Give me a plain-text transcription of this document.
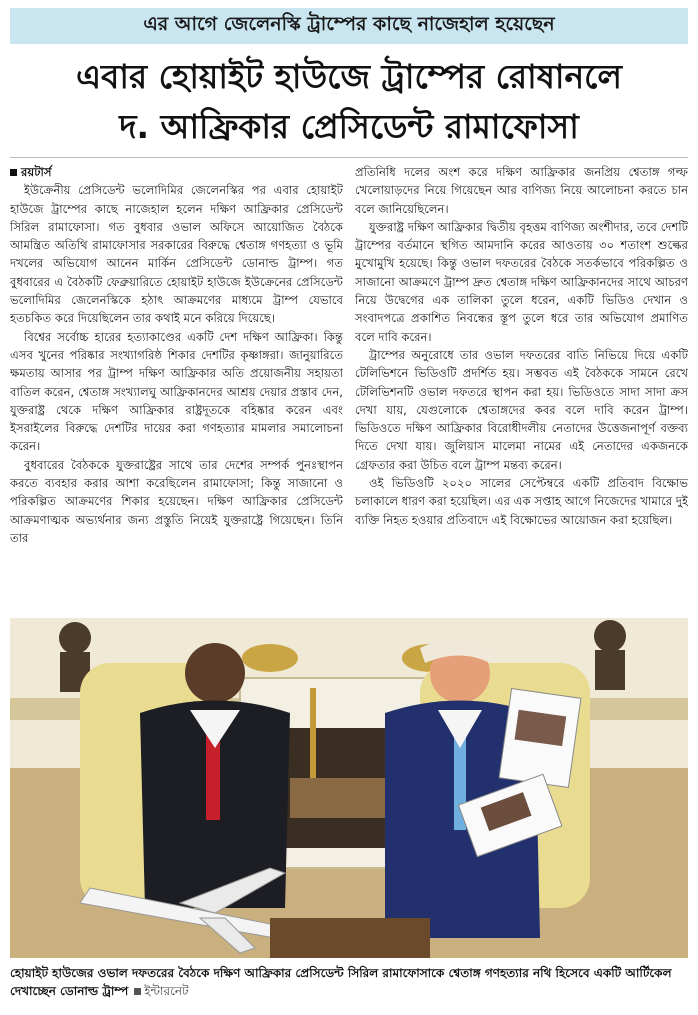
এর আগে জেলেনস্কি ট্রাম্পের কাছে নাজেহাল হয়েছেন
এবার হোয়াইট হাউজে ট্রাম্পের রোষানলে
দ. আফ্রিকার প্রেসিডেন্ট রামাফোসা
রয়টার্স

ইউক্রেনীয় প্রেসিডেন্ট ভলোদিমির জেলেনস্কির পর এবার হোয়াইট হাউজে ট্রাম্পের কাছে নাজেহাল হলেন দক্ষিণ আফ্রিকার প্রেসিডেন্ট সিরিল রামাফোসা। গত বুধবার ওভাল অফিসে আয়োজিত বৈঠকে আমন্ত্রিত অতিথি রামাফোসার সরকারের বিরুদ্ধে শ্বেতাঙ্গ গণহত্যা ও ভূমি দখলের অভিযোগ আনেন মার্কিন প্রেসিডেন্ট ডোনাল্ড ট্রাম্প। গত বুধবারের এ বৈঠকটি ফেব্রুয়ারিতে হোয়াইট হাউজে ইউক্রেনের প্রেসিডেন্ট ভলোদিমির জেলেনস্কিকে হঠাৎ আক্রমণের মাধ্যমে ট্রাম্প যেভাবে হতচকিত করে দিয়েছিলেন তার কথাই মনে করিয়ে দিয়েছে।

বিশ্বের সর্বোচ্চ হারের হত্যাকাণ্ডের একটি দেশ দক্ষিণ আফ্রিকা। কিন্তু এসব খুনের পরিষ্কার সংখ্যাগরিষ্ঠ শিকার দেশটির কৃষ্ণাঙ্গরা। জানুয়ারিতে ক্ষমতায় আসার পর ট্রাম্প দক্ষিণ আফ্রিকার অতি প্রয়োজনীয় সহায়তা বাতিল করেন, শ্বেতাঙ্গ সংখ্যালঘু আফ্রিকানদের আশ্রয় দেয়ার প্রস্তাব দেন, যুক্তরাষ্ট্র থেকে দক্ষিণ আফ্রিকার রাষ্ট্রদূতকে বহিষ্কার করেন এবং ইসরাইলের বিরুদ্ধে দেশটির দায়ের করা গণহত্যার মামলার সমালোচনা করেন।

বুধবারের বৈঠককে যুক্তরাষ্ট্রের সাথে তার দেশের সম্পর্ক পুনঃস্থাপন করতে ব্যবহার করার আশা করেছিলেন রামাফোসা; কিন্তু সাজানো ও পরিকল্পিত আক্রমণের শিকার হয়েছেন। দক্ষিণ আফ্রিকার প্রেসিডেন্ট আক্রমণাত্মক অভ্যর্থনার জন্য প্রস্তুতি নিয়েই যুক্তরাষ্ট্রে গিয়েছেন। তিনি তার

প্রতিনিধি দলের অংশ করে দক্ষিণ আফ্রিকার জনপ্রিয় শ্বেতাঙ্গ গল্ফ খেলোয়াড়দের নিয়ে গিয়েছেন আর বাণিজ্য নিয়ে আলোচনা করতে চান বলে জানিয়েছিলেন।

যুক্তরাষ্ট্র দক্ষিণ আফ্রিকার দ্বিতীয় বৃহত্তম বাণিজ্য অংশীদার, তবে দেশটি ট্রাম্পের বর্তমানে স্থগিত আমদানি করের আওতায় ৩০ শতাংশ শুল্কের মুখোমুখি হয়েছে। কিন্তু ওভাল দফতরের বৈঠকে সতর্কভাবে পরিকল্পিত ও সাজানো আক্রমণে ট্রাম্প দ্রুত শ্বেতাঙ্গ দক্ষিণ আফ্রিকানদের সাথে আচরণ নিয়ে উদ্বেগের এক তালিকা তুলে ধরেন, একটি ভিডিও দেখান ও সংবাদপত্রে প্রকাশিত নিবন্ধের স্তূপ তুলে ধরে তার অভিযোগ প্রমাণিত বলে দাবি করেন।

ট্রাম্পের অনুরোধে তার ওভাল দফতরের বাতি নিভিয়ে দিয়ে একটি টেলিভিশনে ভিডিওটি প্রদর্শিত হয়। সম্ভবত এই বৈঠককে সামনে রেখে টেলিভিশনটি ওভাল দফতরে স্থাপন করা হয়। ভিডিওতে সাদা সাদা ক্রস দেখা যায়, যেগুলোকে শ্বেতাঙ্গদের কবর বলে দাবি করেন ট্রাম্প। ভিডিওতে দক্ষিণ আফ্রিকার বিরোধীদলীয় নেতাদের উত্তেজনাপূর্ণ বক্তব্য দিতে দেখা যায়। জুলিয়াস মালেমা নামের এই নেতাদের একজনকে গ্রেফতার করা উচিত বলে ট্রাম্প মন্তব্য করেন।

ওই ভিডিওটি ২০২০ সালের সেপ্টেম্বরে একটি প্রতিবাদ বিক্ষোভ চলাকালে ধারণ করা হয়েছিল। এর এক সপ্তাহ আগে নিজেদের খামারে দুই ব্যক্তি নিহত হওয়ার প্রতিবাদে এই বিক্ষোভের আয়োজন করা হয়েছিল।

হোয়াইট হাউজের ওভাল দফতরের বৈঠকে দক্ষিণ আফ্রিকার প্রেসিডেন্ট সিরিল রামাফোসাকে শ্বেতাঙ্গ গণহত্যার নথি হিসেবে একটি আর্টিকেল দেখাচ্ছেন ডোনাল্ড ট্রাম্প ইন্টারনেট
